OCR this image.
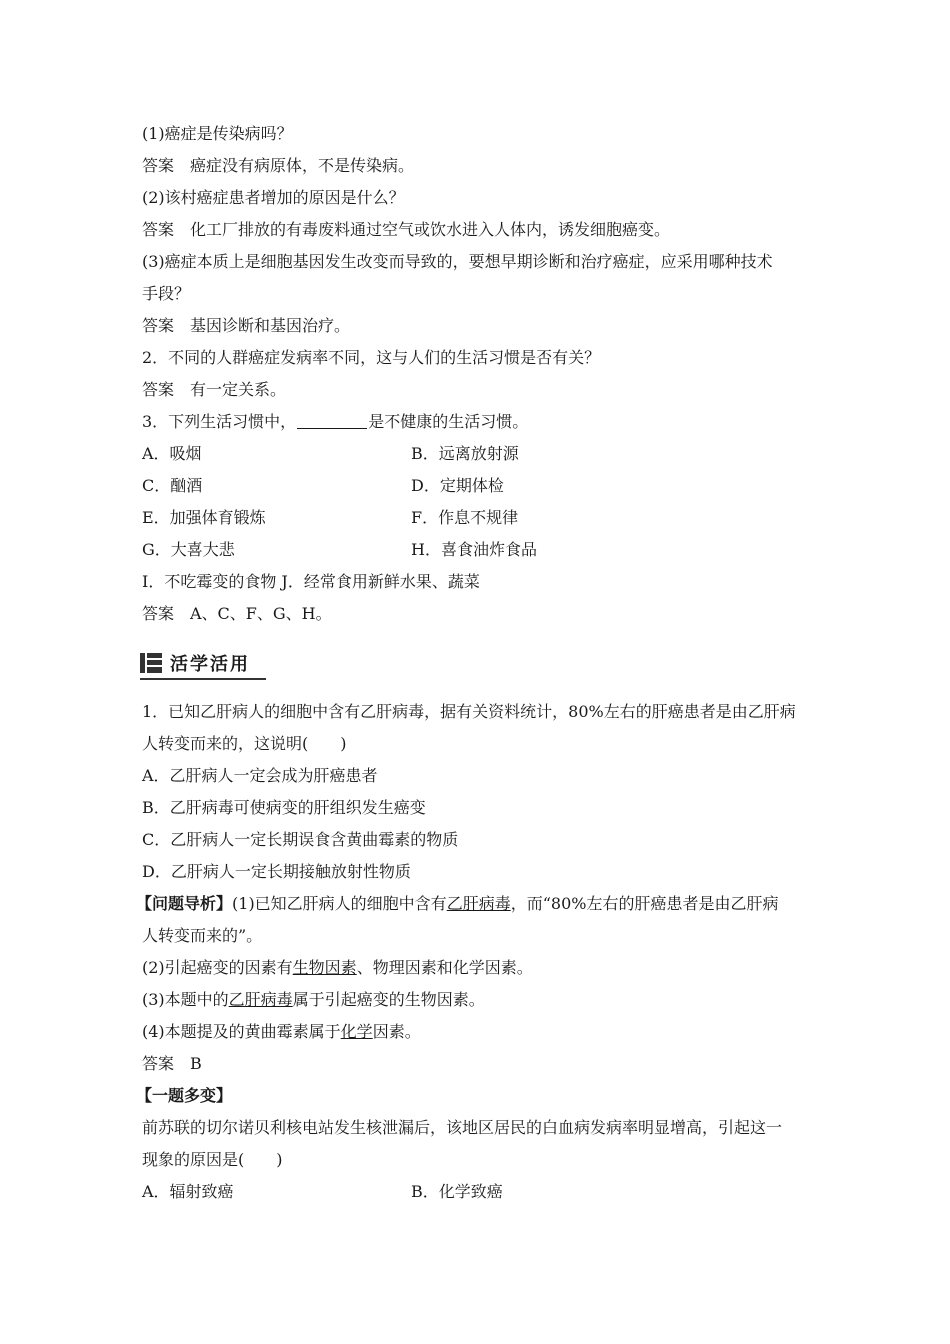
(1)癌症是传染病吗？
答案　癌症没有病原体，不是传染病。
(2)该村癌症患者增加的原因是什么？
答案　化工厂排放的有毒废料通过空气或饮水进入人体内，诱发细胞癌变。
(3)癌症本质上是细胞基因发生改变而导致的，要想早期诊断和治疗癌症，应采用哪种技术
手段？
答案　基因诊断和基因治疗。
2．不同的人群癌症发病率不同，这与人们的生活习惯是否有关？
答案　有一定关系。
3．下列生活习惯中，	是不健康的生活习惯。
A．吸烟	B．远离放射源
C．酗酒	D．定期体检
E．加强体育锻炼	F．作息不规律
G．大喜大悲	H．喜食油炸食品
I．不吃霉变的食物 J．经常食用新鲜水果、蔬菜
答案　A、C、F、G、H。
活学活用
1．已知乙肝病人的细胞中含有乙肝病毒，据有关资料统计，80%左右的肝癌患者是由乙肝病
人转变而来的，这说明(　　)
A．乙肝病人一定会成为肝癌患者
B．乙肝病毒可使病变的肝组织发生癌变
C．乙肝病人一定长期误食含黄曲霉素的物质
D．乙肝病人一定长期接触放射性物质
【问题导析】(1)已知乙肝病人的细胞中含有乙肝病毒，而“80%左右的肝癌患者是由乙肝病
人转变而来的”。
(2)引起癌变的因素有生物因素、物理因素和化学因素。
(3)本题中的乙肝病毒属于引起癌变的生物因素。
(4)本题提及的黄曲霉素属于化学因素。
答案　B
【一题多变】
前苏联的切尔诺贝利核电站发生核泄漏后，该地区居民的白血病发病率明显增高，引起这一
现象的原因是(　　)
A．辐射致癌	B．化学致癌
